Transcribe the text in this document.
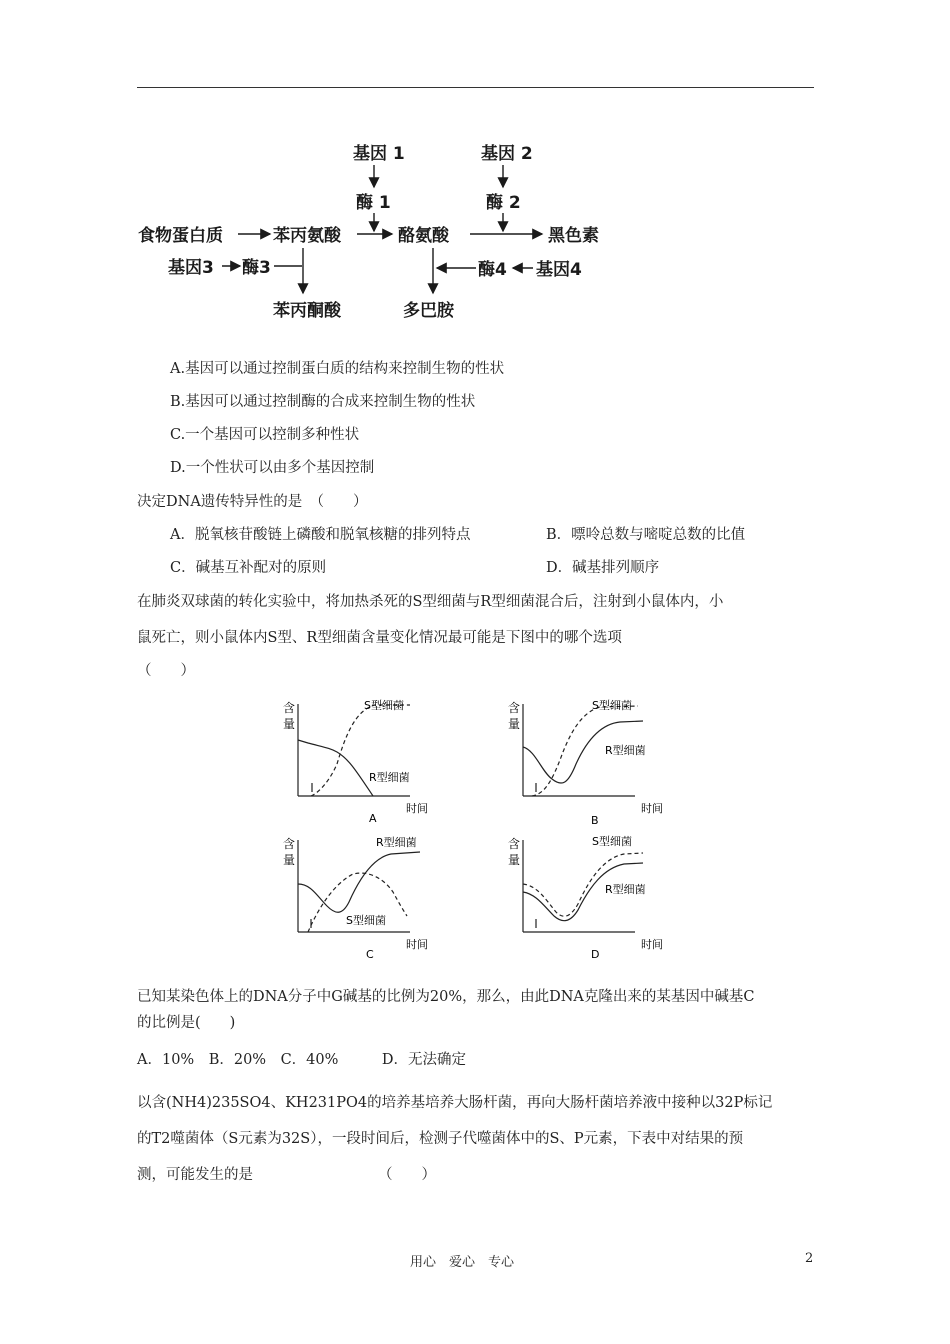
基因 1	基因 2
酶 1	酶 2
食物蛋白质	苯丙氨酸	酪氨酸	黑色素
基因3 酶3	酶4 基因4
苯丙酮酸	多巴胺
A.基因可以通过控制蛋白质的结构来控制生物的性状
B.基因可以通过控制酶的合成来控制生物的性状
C.一个基因可以控制多种性状
D.一个性状可以由多个基因控制
决定DNA遗传特异性的是　（　　）
A．脱氧核苷酸链上磷酸和脱氧核糖的排列特点	B．嘌呤总数与嘧啶总数的比值
C．碱基互补配对的原则	D．碱基排列顺序
在肺炎双球菌的转化实验中，将加热杀死的S型细菌与R型细菌混合后，注射到小鼠体内，小
鼠死亡，则小鼠体内S型、R型细菌含量变化情况最可能是下图中的哪个选项
（　　）
含
量
S型细菌
R型细菌
时间
A
含
量
S型细菌
R型细菌
时间
B
含
量
R型细菌
S型细菌
时间
C
含
量
S型细菌
R型细菌
时间
D
已知某染色体上的DNA分子中G碱基的比例为20%，那么，由此DNA克隆出来的某基因中碱基C
的比例是(　　)
A．10%　B．20%　C．40%　　　D．无法确定
以含(NH4)235SO4、KH231PO4的培养基培养大肠杆菌，再向大肠杆菌培养液中接种以32P标记
的T2噬菌体（S元素为32S），一段时间后，检测子代噬菌体中的S、P元素，下表中对结果的预
测，可能发生的是	（　　）
用心　爱心　专心	2
